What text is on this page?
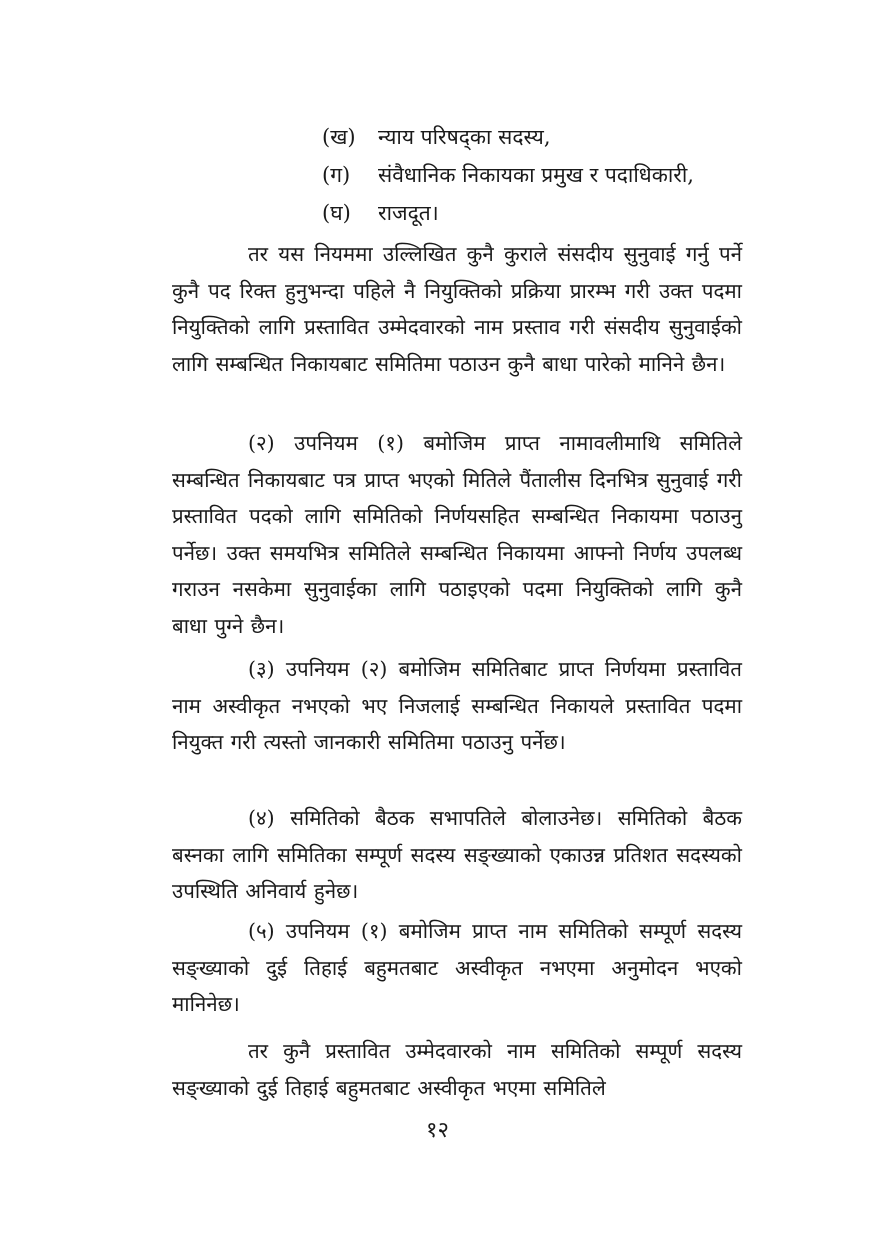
(ख)	न्याय परिषद्का सदस्य,
(ग)	संवैधानिक निकायका प्रमुख र पदाधिकारी,
(घ)	राजदूत।
तर यस नियममा उल्लिखित कुनै कुराले संसदीय सुनुवाई गर्नु पर्ने कुनै पद रिक्त हुनुभन्दा पहिले नै नियुक्तिको प्रक्रिया प्रारम्भ गरी उक्त पदमा नियुक्तिको लागि प्रस्तावित उम्मेदवारको नाम प्रस्ताव गरी संसदीय सुनुवाईको लागि सम्बन्धित निकायबाट समितिमा पठाउन कुनै बाधा पारेको मानिने छैन।
(२) उपनियम (१) बमोजिम प्राप्त नामावलीमाथि समितिले सम्बन्धित निकायबाट पत्र प्राप्त भएको मितिले पैंतालीस दिनभित्र सुनुवाई गरी प्रस्तावित पदको लागि समितिको निर्णयसहित सम्बन्धित निकायमा पठाउनु पर्नेछ। उक्त समयभित्र समितिले सम्बन्धित निकायमा आफ्नो निर्णय उपलब्ध गराउन नसकेमा सुनुवाईका लागि पठाइएको पदमा नियुक्तिको लागि कुनै बाधा पुग्ने छैन।
(३) उपनियम (२) बमोजिम समितिबाट प्राप्त निर्णयमा प्रस्तावित नाम अस्वीकृत नभएको भए निजलाई सम्बन्धित निकायले प्रस्तावित पदमा नियुक्त गरी त्यस्तो जानकारी समितिमा पठाउनु पर्नेछ।
(४) समितिको बैठक सभापतिले बोलाउनेछ। समितिको बैठक बस्नका लागि समितिका सम्पूर्ण सदस्य सङ्ख्याको एकाउन्न प्रतिशत सदस्यको उपस्थिति अनिवार्य हुनेछ।
(५) उपनियम (१) बमोजिम प्राप्त नाम समितिको सम्पूर्ण सदस्य सङ्ख्याको दुई तिहाई बहुमतबाट अस्वीकृत नभएमा अनुमोदन भएको मानिनेछ।
तर कुनै प्रस्तावित उम्मेदवारको नाम समितिको सम्पूर्ण सदस्य सङ्ख्याको दुई तिहाई बहुमतबाट अस्वीकृत भएमा समितिले
१२
